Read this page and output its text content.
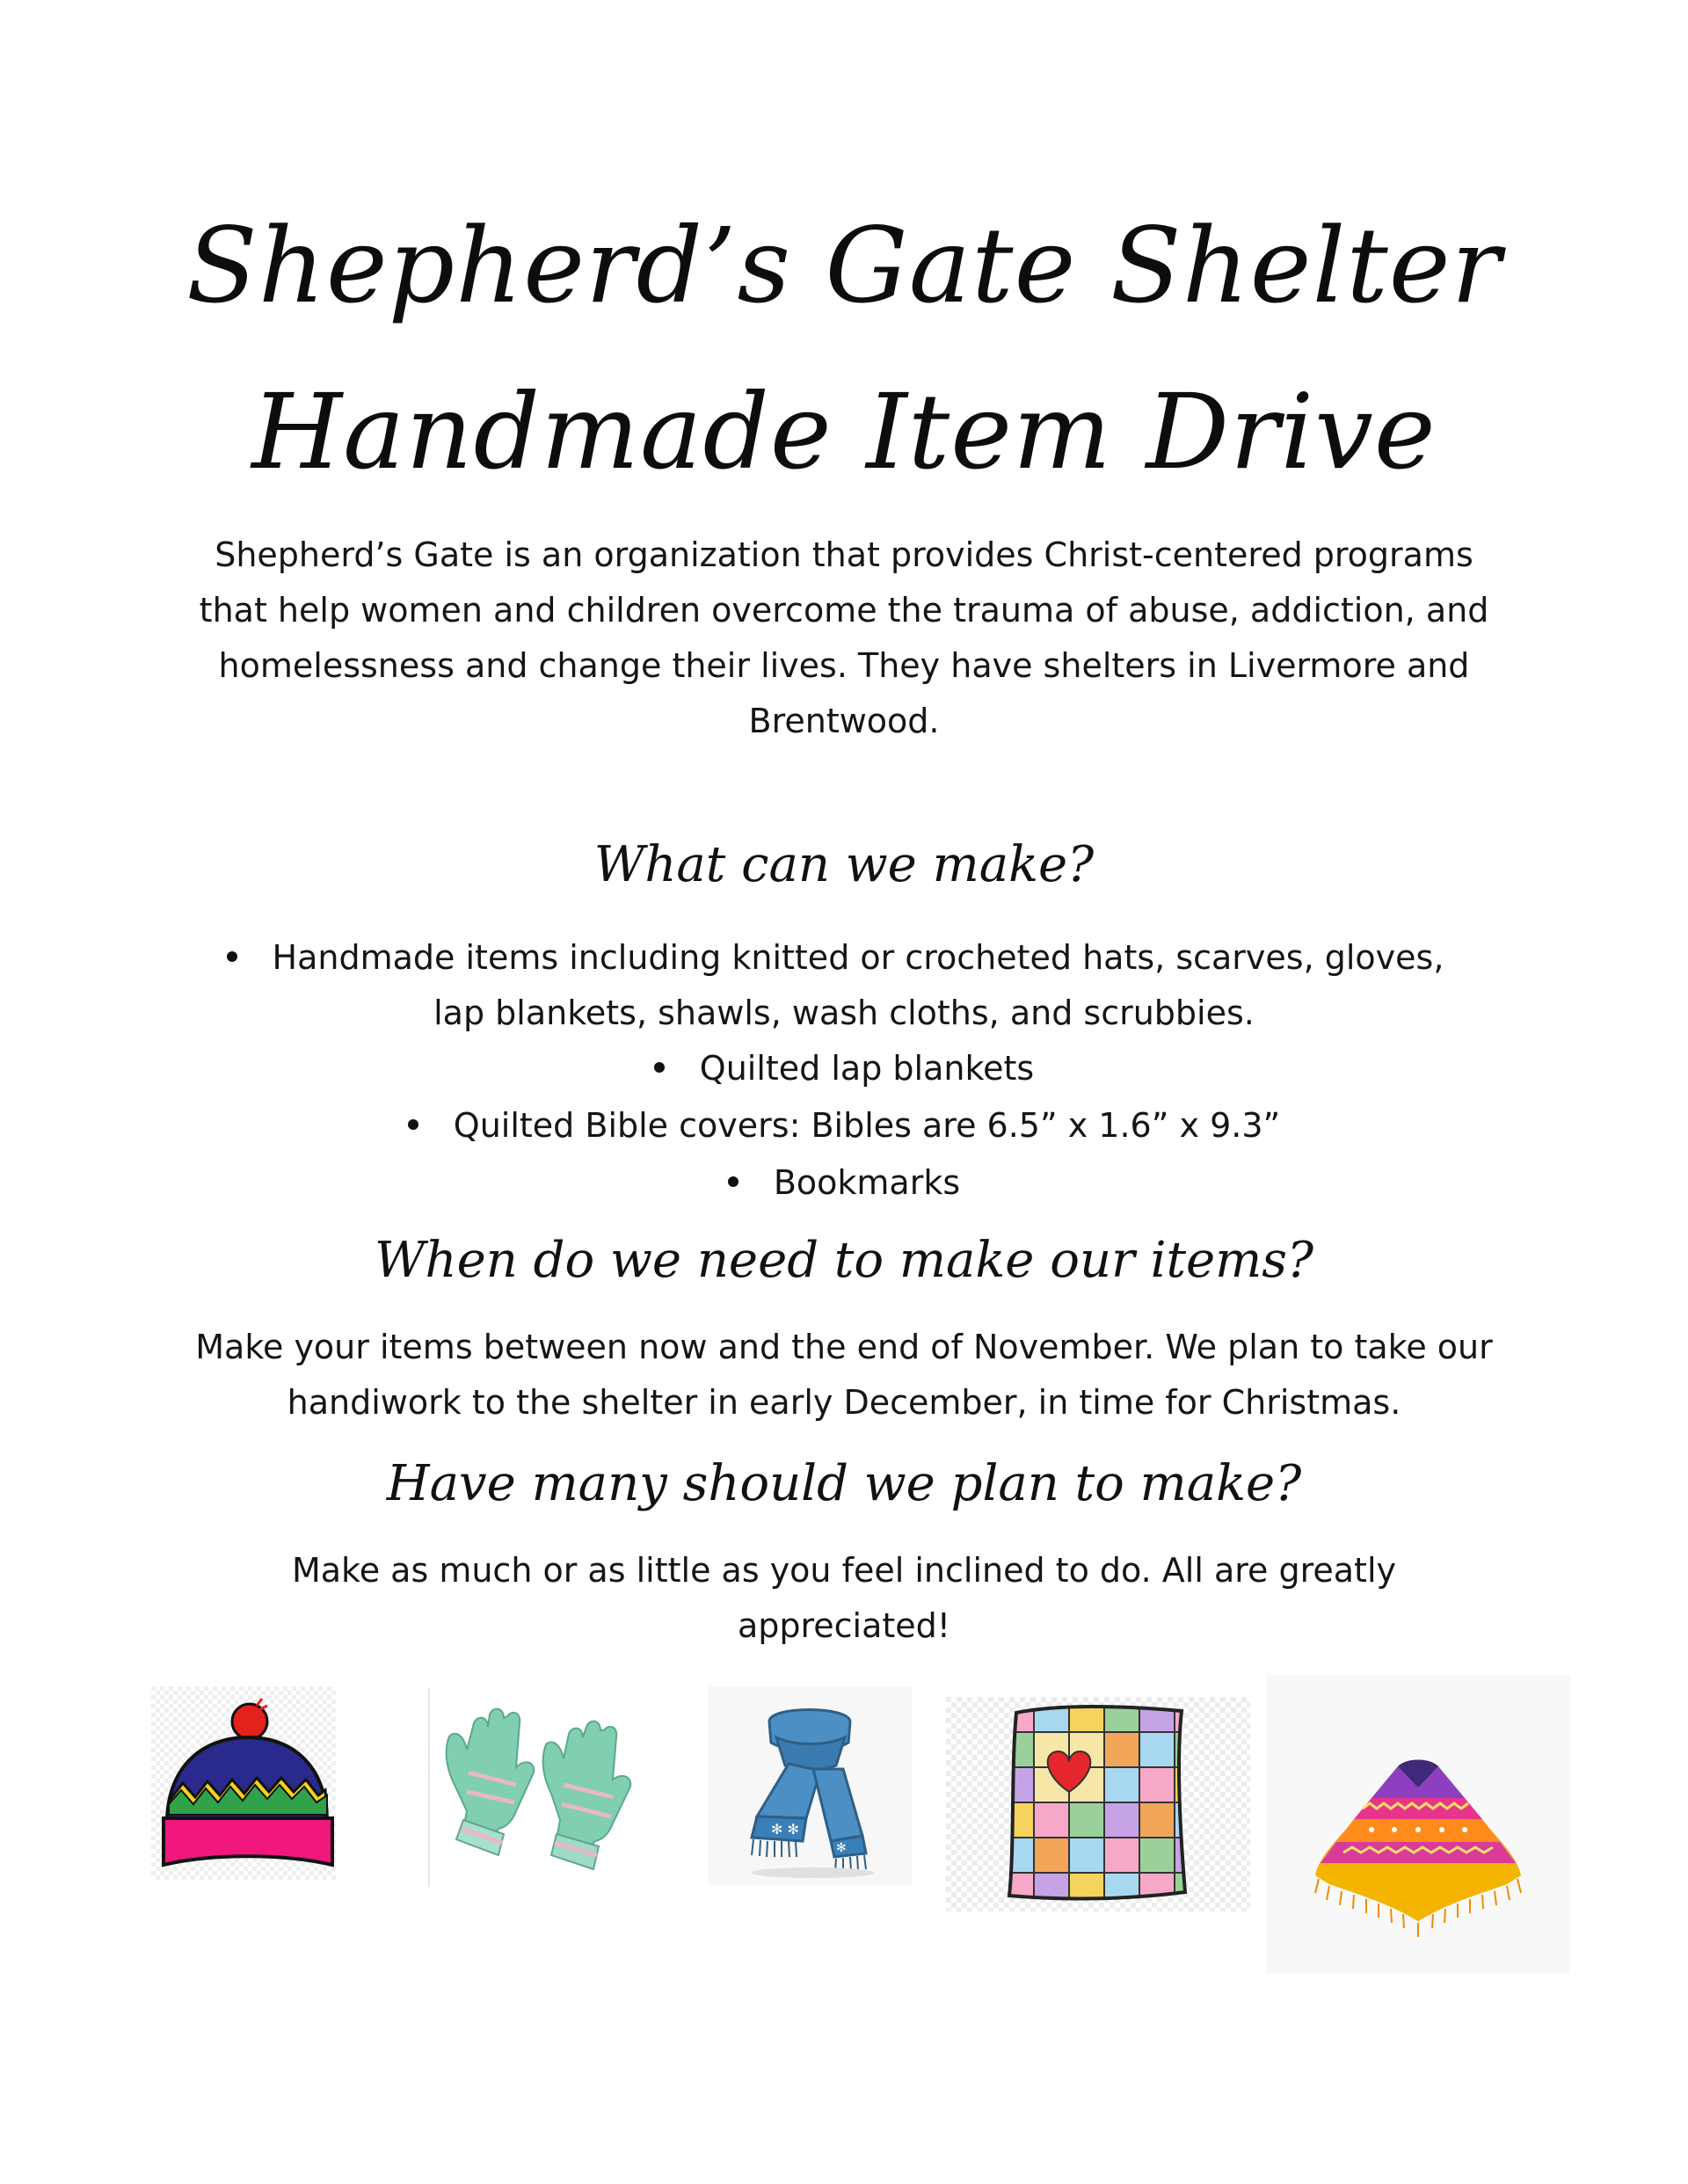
Shepherd’s Gate Shelter
Handmade Item Drive
Shepherd’s Gate is an organization that provides Christ-centered programs
that help women and children overcome the trauma of abuse, addiction, and
homelessness and change their lives. They have shelters in Livermore and
Brentwood.
What can we make?
Handmade items including knitted or crocheted hats, scarves, gloves,
lap blankets, shawls, wash cloths, and scrubbies.
Quilted lap blankets
Quilted Bible covers: Bibles are 6.5” x 1.6” x 9.3”
Bookmarks
When do we need to make our items?
Make your items between now and the end of November. We plan to take our
handiwork to the shelter in early December, in time for Christmas.
Have many should we plan to make?
Make as much or as little as you feel inclined to do. All are greatly
appreciated!
✻ ✻
✻
